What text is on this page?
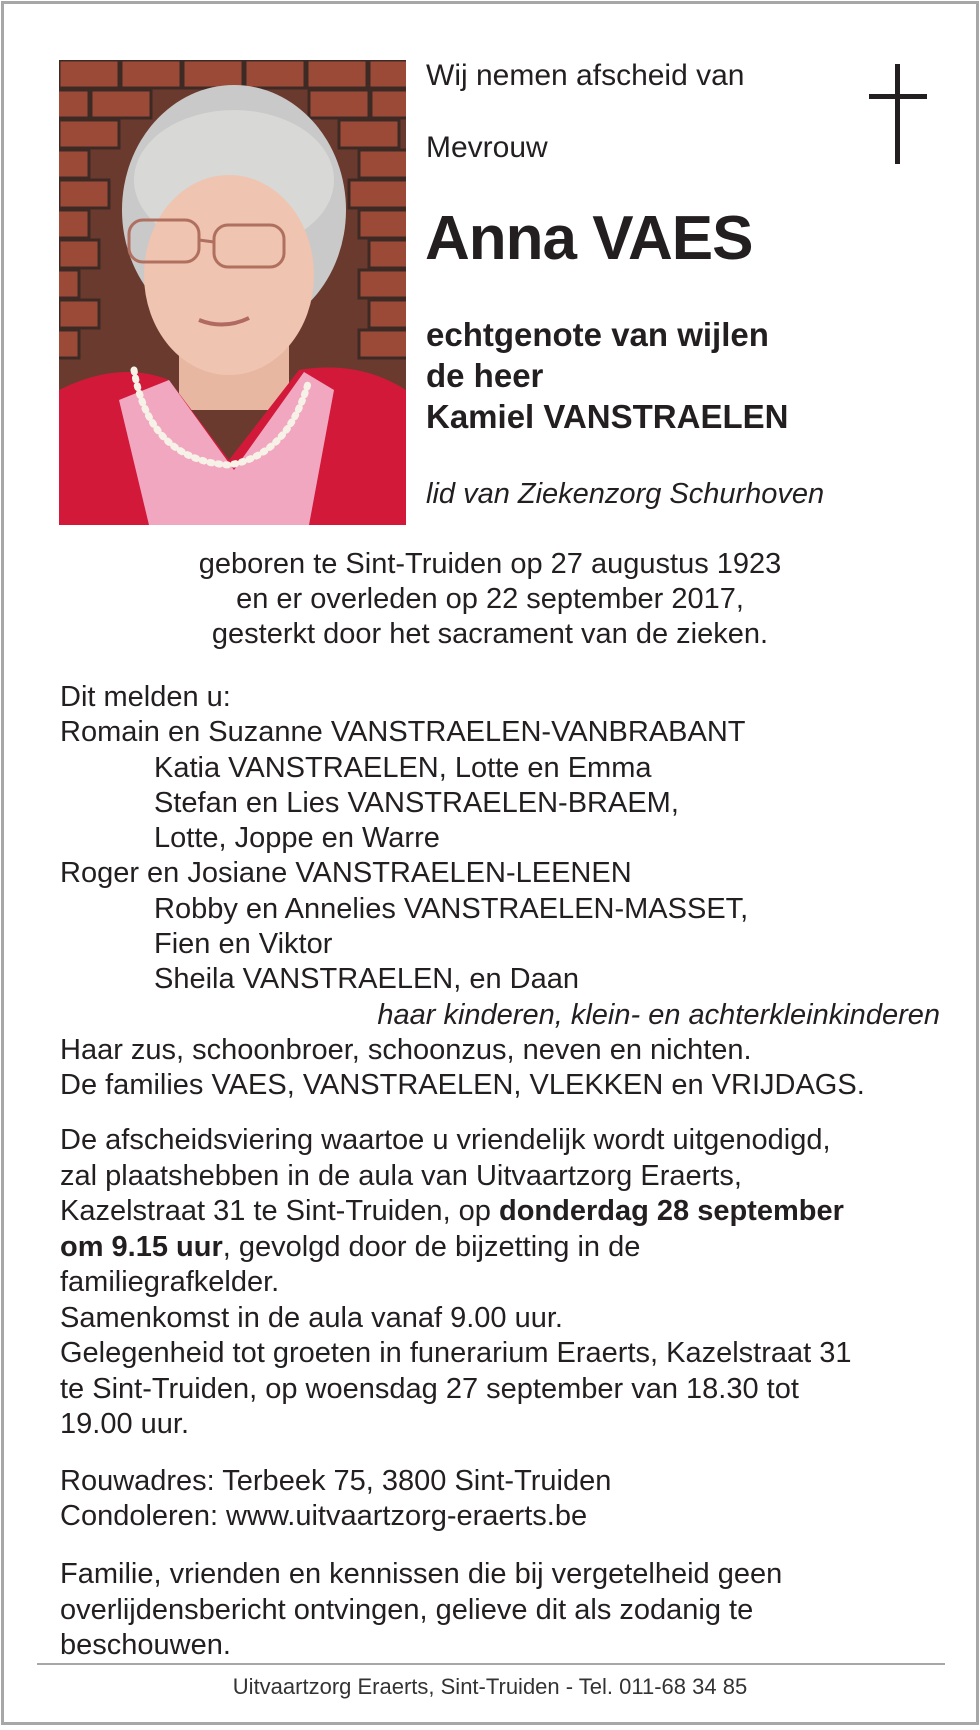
Wij nemen afscheid van
Mevrouw
Anna VAES
echtgenote van wijlen
de heer
Kamiel VANSTRAELEN
lid van Ziekenzorg Schurhoven
geboren te Sint-Truiden op 27 augustus 1923
en er overleden op 22 september 2017,
gesterkt door het sacrament van de zieken.
Dit melden u:
Romain en Suzanne VANSTRAELEN-VANBRABANT
Katia VANSTRAELEN, Lotte en Emma
Stefan en Lies VANSTRAELEN-BRAEM,
Lotte, Joppe en Warre
Roger en Josiane VANSTRAELEN-LEENEN
Robby en Annelies VANSTRAELEN-MASSET,
Fien en Viktor
Sheila VANSTRAELEN, en Daan
haar kinderen, klein- en achterkleinkinderen
Haar zus, schoonbroer, schoonzus, neven en nichten.
De families VAES, VANSTRAELEN, VLEKKEN en VRIJDAGS.
De afscheidsviering waartoe u vriendelijk wordt uitgenodigd,
zal plaatshebben in de aula van Uitvaartzorg Eraerts,
Kazelstraat 31 te Sint-Truiden, op donderdag 28 september
om 9.15 uur, gevolgd door de bijzetting in de
familiegrafkelder.
Samenkomst in de aula vanaf 9.00 uur.
Gelegenheid tot groeten in funerarium Eraerts, Kazelstraat 31
te Sint-Truiden, op woensdag 27 september van 18.30 tot
19.00 uur.
Rouwadres: Terbeek 75, 3800 Sint-Truiden
Condoleren: www.uitvaartzorg-eraerts.be
Familie, vrienden en kennissen die bij vergetelheid geen
overlijdensbericht ontvingen, gelieve dit als zodanig te
beschouwen.
Uitvaartzorg Eraerts, Sint-Truiden - Tel. 011-68 34 85
